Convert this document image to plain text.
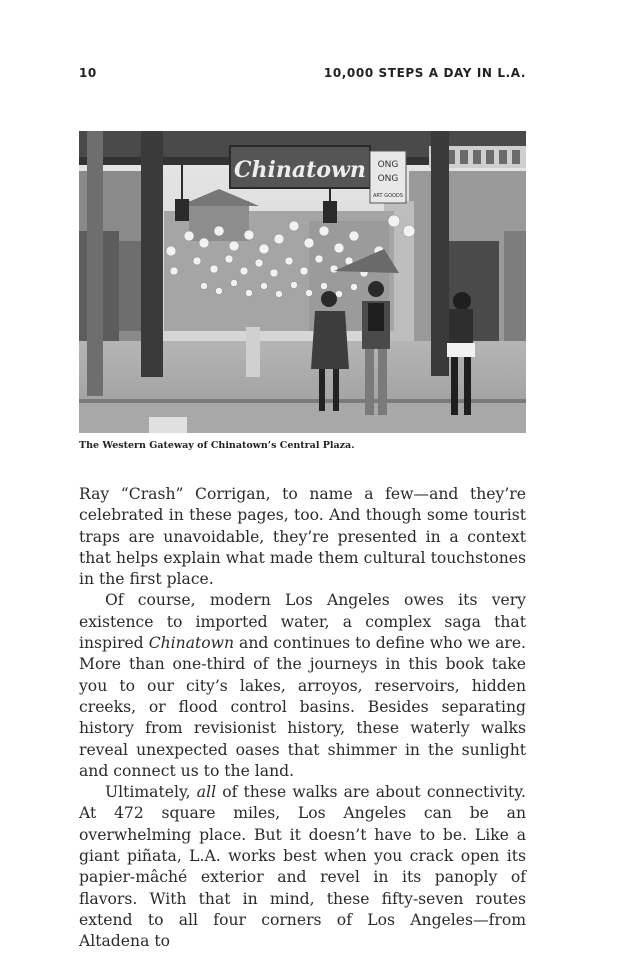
10	10,000 STEPS A DAY IN L.A.
Chinatown ONG
ONG
ART GOODS
The Western Gateway of Chinatown’s Central Plaza.

Ray “Crash” Corrigan, to name a few—and they’re celebrated in these pages, too. And though some tourist traps are unavoidable, they’re presented in a context that helps explain what made them cultural touchstones in the first place.

Of course, modern Los Angeles owes its very existence to imported water, a complex saga that inspired Chinatown and continues to define who we are. More than one-third of the journeys in this book take you to our city’s lakes, arroyos, reservoirs, hidden creeks, or flood control basins. Besides separating history from revisionist history, these waterly walks reveal unexpected oases that shimmer in the sunlight and connect us to the land.

Ultimately, all of these walks are about connectivity. At 472 square miles, Los Angeles can be an overwhelming place. But it doesn’t have to be. Like a giant piñata, L.A. works best when you crack open its papier-mâché exterior and revel in its panoply of flavors. With that in mind, these fifty-seven routes extend to all four corners of Los Angeles—from Altadena to
